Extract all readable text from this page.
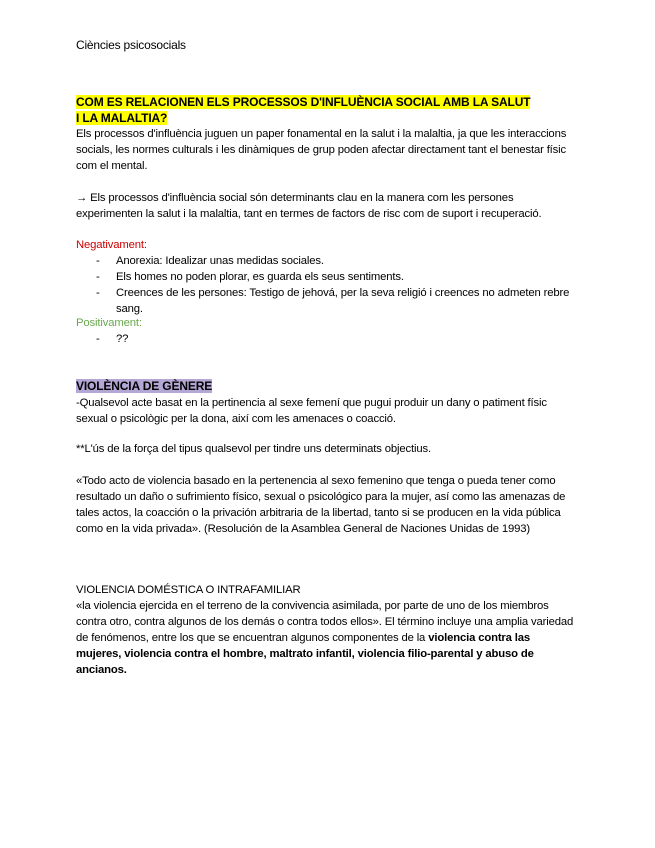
Ciències psicosocials
COM ES RELACIONEN ELS PROCESSOS D'INFLUÈNCIA SOCIAL AMB LA SALUT
I LA MALALTIA?

Els processos d'influència juguen un paper fonamental en la salut i la malaltia, ja que les interaccions socials, les normes culturals i les dinàmiques de grup poden afectar directament tant el benestar físic com el mental.

→ Els processos d'influència social són determinants clau en la manera com les persones experimenten la salut i la malaltia, tant en termes de factors de risc com de suport i recuperació.

Negativament:

- Anorexia: Idealizar unas medidas sociales.
- Els homes no poden plorar, es guarda els seus sentiments.
- Creences de les persones: Testigo de jehová, per la seva religió i creences no admeten rebre sang.

Positivament:

- ??
VIOLÈNCIA DE GÈNERE

-Qualsevol acte basat en la pertinencia al sexe femení que pugui produir un dany o patiment físic sexual o psicològic per la dona, així com les amenaces o coacció.

**L'ús de la força del tipus qualsevol per tindre uns determinats objectius.

«Todo acto de violencia basado en la pertenencia al sexo femenino que tenga o pueda tener como resultado un daño o sufrimiento físico, sexual o psicológico para la mujer, así como las amenazas de tales actos, la coacción o la privación arbitraria de la libertad, tanto si se producen en la vida pública como en la vida privada». (Resolución de la Asamblea General de Naciones Unidas de 1993)

VIOLENCIA DOMÉSTICA O INTRAFAMILIAR

«la violencia ejercida en el terreno de la convivencia asimilada, por parte de uno de los miembros contra otro, contra algunos de los demás o contra todos ellos». El término incluye una amplia variedad de fenómenos, entre los que se encuentran algunos componentes de la violencia contra las mujeres, violencia contra el hombre, maltrato infantil, violencia filio-parental y abuso de ancianos.
